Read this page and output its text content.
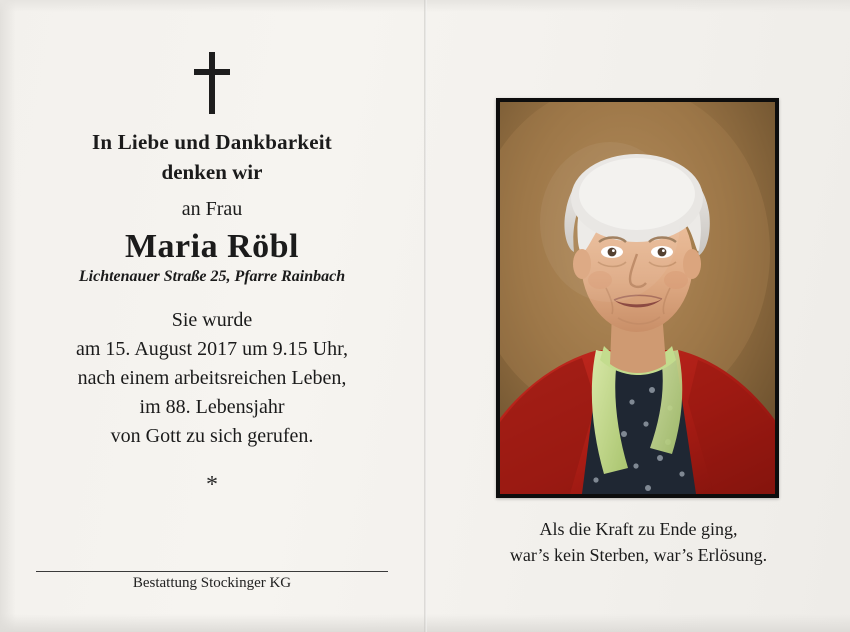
In Liebe und Dankbarkeit
denken wir
an Frau
Maria Röbl
Lichtenauer Straße 25, Pfarre Rainbach
Sie wurde
am 15. August 2017 um 9.15 Uhr,
nach einem arbeitsreichen Leben,
im 88. Lebensjahr
von Gott zu sich gerufen.
*
Bestattung Stockinger KG
Als die Kraft zu Ende ging,
war’s kein Sterben, war’s Erlösung.
